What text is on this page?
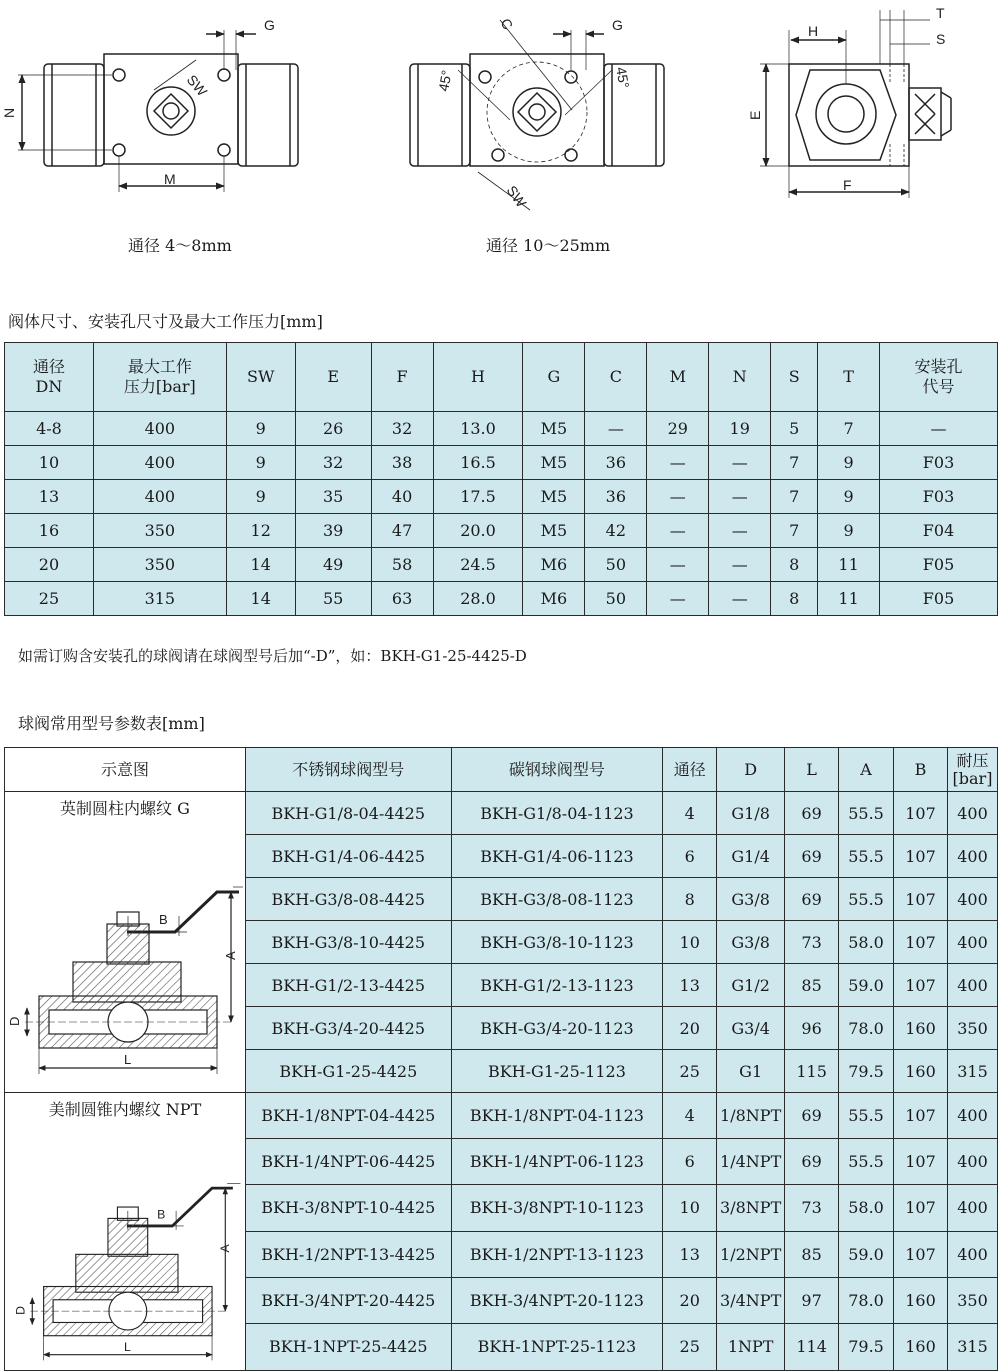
G
N
M
SW
C	G
45°	45°
SW
H
T
S
E
F
通径 4～8mm	通径 10～25mm
阀体尺寸、安装孔尺寸及最大工作压力[mm]
通径
DN	最大工作
压力[bar]	SW	E	F	H	G	C	M	N	S	T	安装孔
代号
4-8	400	9	26	32	13.0	M5	—	29	19	5	7	—
10	400	9	32	38	16.5	M5	36	—	—	7	9	F03
13	400	9	35	40	17.5	M5	36	—	—	7	9	F03
16	350	12	39	47	20.0	M5	42	—	—	7	9	F04
20	350	14	49	58	24.5	M6	50	—	—	8	11	F05
25	315	14	55	63	28.0	M6	50	—	—	8	11	F05
如需订购含安装孔的球阀请在球阀型号后加“-D”，如：BKH-G1-25-4425-D
球阀常用型号参数表[mm]
示意图	不锈钢球阀型号	碳钢球阀型号	通径	D	L	A	B	耐压
[bar]

英制圆柱内螺纹 G
B
A
D
L	BKH-G1/8-04-4425	BKH-G1/8-04-1123	4	G1/8	69	55.5	107	400
	BKH-G1/4-06-4425	BKH-G1/4-06-1123	6	G1/4	69	55.5	107	400
	BKH-G3/8-08-4425	BKH-G3/8-08-1123	8	G3/8	69	55.5	107	400
	BKH-G3/8-10-4425	BKH-G3/8-10-1123	10	G3/8	73	58.0	107	400
	BKH-G1/2-13-4425	BKH-G1/2-13-1123	13	G1/2	85	59.0	107	400
	BKH-G3/4-20-4425	BKH-G3/4-20-1123	20	G3/4	96	78.0	160	350
	BKH-G1-25-4425	BKH-G1-25-1123	25	G1	115	79.5	160	315

美制圆锥内螺纹 NPT
B
A
D
L	BKH-1/8NPT-04-4425	BKH-1/8NPT-04-1123	4	1/8NPT	69	55.5	107	400
	BKH-1/4NPT-06-4425	BKH-1/4NPT-06-1123	6	1/4NPT	69	55.5	107	400
	BKH-3/8NPT-10-4425	BKH-3/8NPT-10-1123	10	3/8NPT	73	58.0	107	400
	BKH-1/2NPT-13-4425	BKH-1/2NPT-13-1123	13	1/2NPT	85	59.0	107	400
	BKH-3/4NPT-20-4425	BKH-3/4NPT-20-1123	20	3/4NPT	97	78.0	160	350
	BKH-1NPT-25-4425	BKH-1NPT-25-1123	25	1NPT	114	79.5	160	315
